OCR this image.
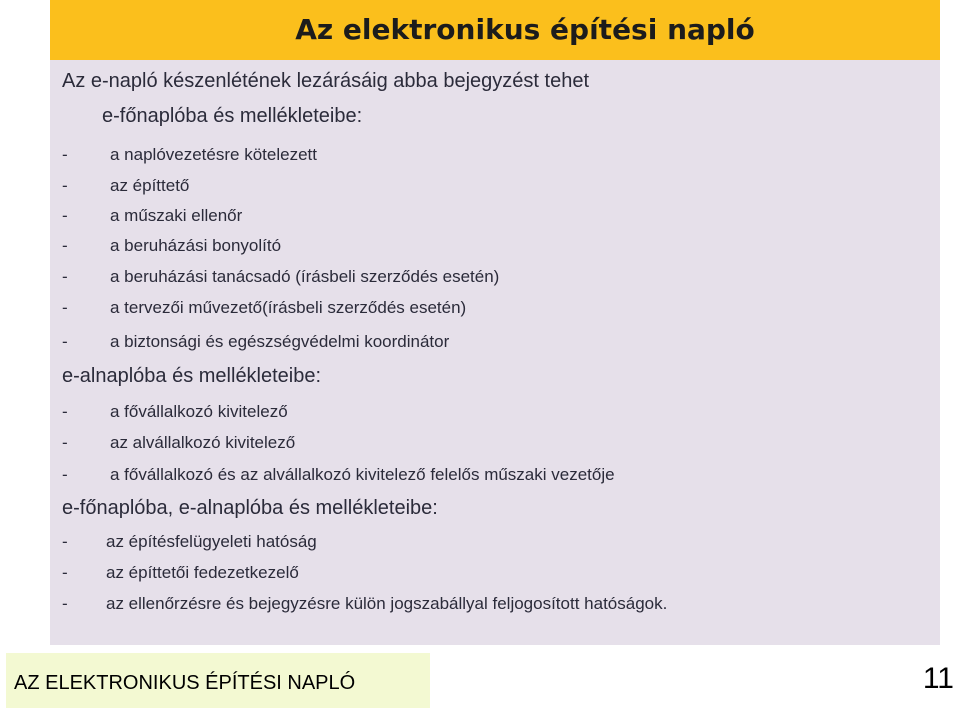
Az elektronikus építési napló
Az e-napló készenlétének lezárásáig abba bejegyzést tehet
e-főnaplóba és mellékleteibe:
- a naplóvezetésre kötelezett
- az építtető
- a műszaki ellenőr
- a beruházási bonyolító
- a beruházási tanácsadó (írásbeli szerződés esetén)
- a tervezői művezető(írásbeli szerződés esetén)
- a biztonsági és egészségvédelmi koordinátor
e-alnaplóba és mellékleteibe:
- a fővállalkozó kivitelező
- az alvállalkozó kivitelező
- a fővállalkozó és az alvállalkozó kivitelező felelős műszaki vezetője
e-főnaplóba, e-alnaplóba és mellékleteibe:
- az építésfelügyeleti hatóság
- az építtetői fedezetkezelő
- az ellenőrzésre és bejegyzésre külön jogszabállyal feljogosított hatóságok.
AZ ELEKTRONIKUS ÉPÍTÉSI NAPLÓ	11
